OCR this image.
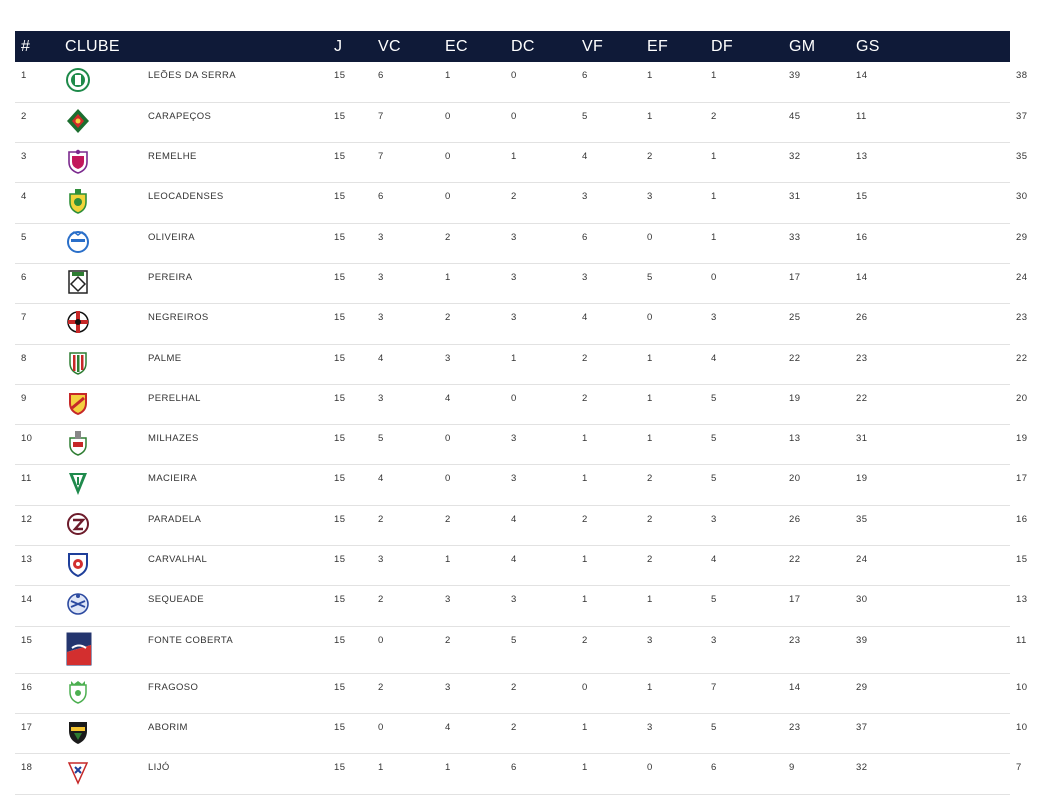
#	CLUBE		J	VC	EC	DC	VF	EF	DF	GM	GS	PNT
1		LEÕES DA SERRA	15	6	1	0	6	1	1	39	14	38
2		CARAPEÇOS	15	7	0	0	5	1	2	45	11	37
3		REMELHE	15	7	0	1	4	2	1	32	13	35
4		LEOCADENSES	15	6	0	2	3	3	1	31	15	30
5		OLIVEIRA	15	3	2	3	6	0	1	33	16	29
6		PEREIRA	15	3	1	3	3	5	0	17	14	24
7		NEGREIROS	15	3	2	3	4	0	3	25	26	23
8		PALME	15	4	3	1	2	1	4	22	23	22
9		PERELHAL	15	3	4	0	2	1	5	19	22	20
10		MILHAZES	15	5	0	3	1	1	5	13	31	19
11		MACIEIRA	15	4	0	3	1	2	5	20	19	17
12		PARADELA	15	2	2	4	2	2	3	26	35	16
13		CARVALHAL	15	3	1	4	1	2	4	22	24	15
14		SEQUEADE	15	2	3	3	1	1	5	17	30	13
15		FONTE COBERTA	15	0	2	5	2	3	3	23	39	11
16		FRAGOSO	15	2	3	2	0	1	7	14	29	10
17		ABORIM	15	0	4	2	1	3	5	23	37	10
18		LIJÓ	15	1	1	6	1	0	6	9	32	7
